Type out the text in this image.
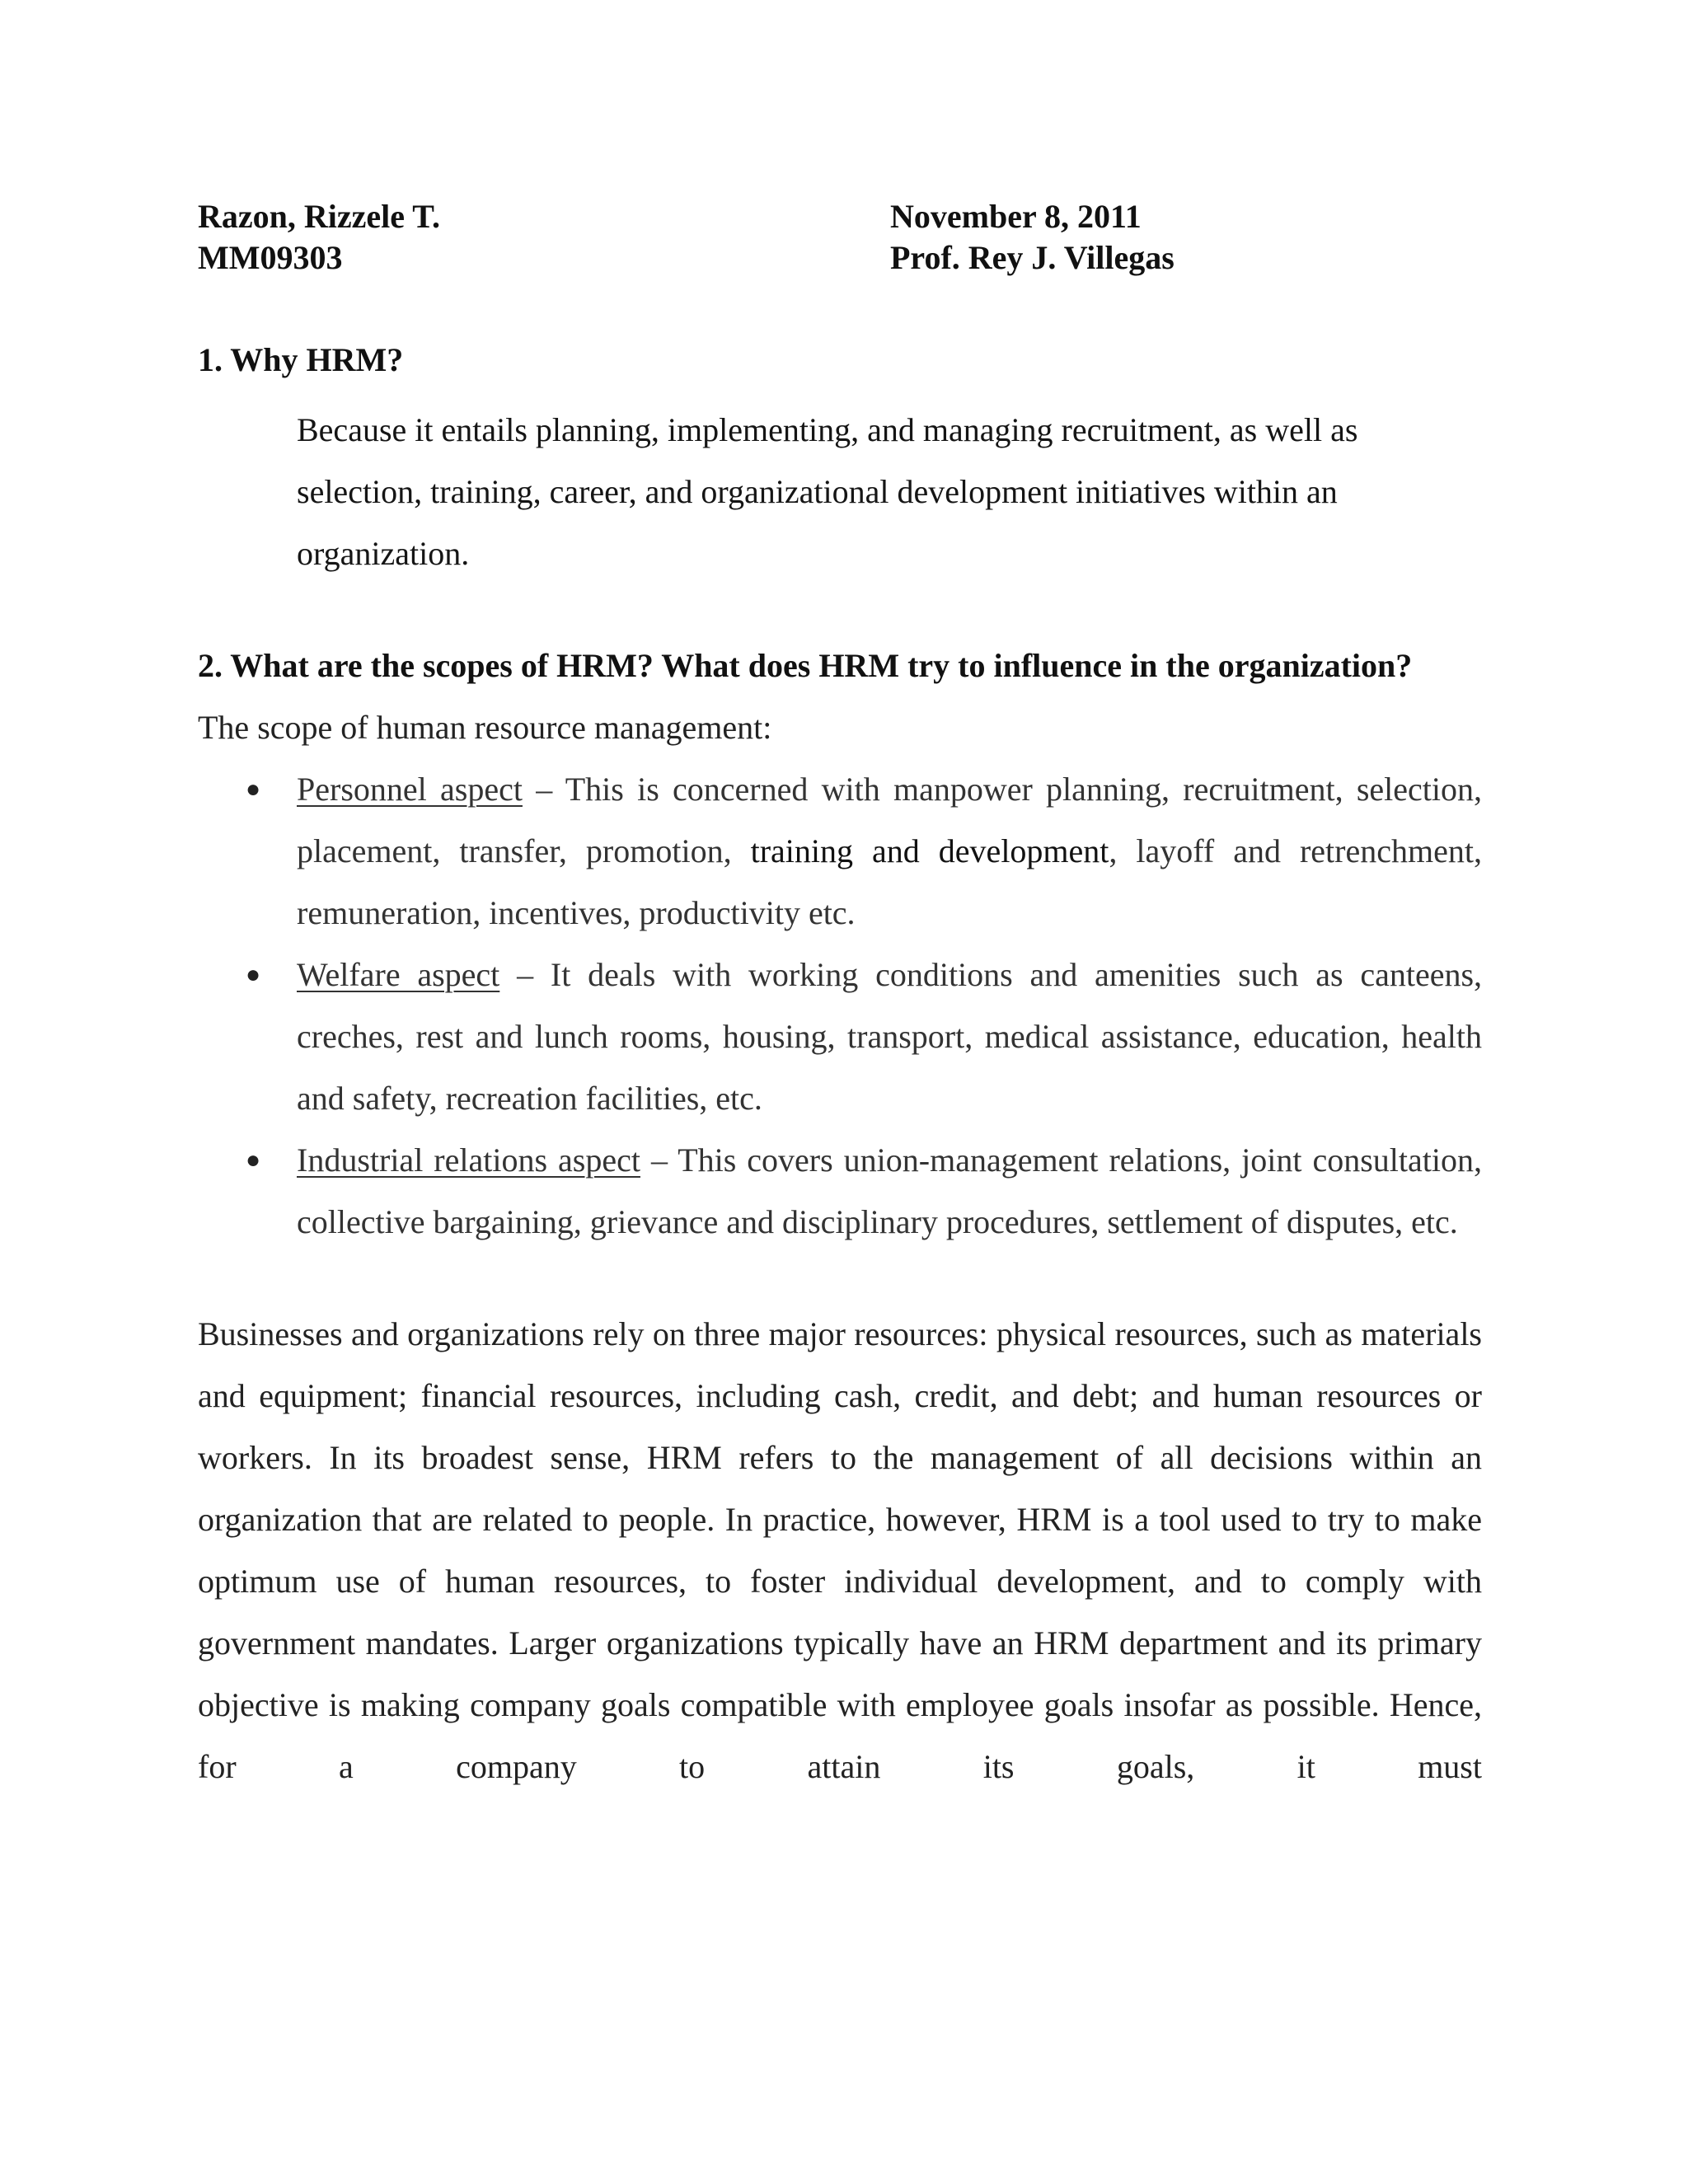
Razon, Rizzele T.
MM09303
November 8, 2011
Prof. Rey J. Villegas

1. Why HRM?

Because it entails planning, implementing, and managing recruitment, as well as selection, training, career, and organizational development initiatives within an organization.

2. What are the scopes of HRM? What does HRM try to influence in the organization?

The scope of human resource management:

● Personnel aspect – This is concerned with manpower planning, recruitment, selection, placement, transfer, promotion, training and development, layoff and retrenchment, remuneration, incentives, productivity etc.
● Welfare aspect – It deals with working conditions and amenities such as canteens, creches, rest and lunch rooms, housing, transport, medical assistance, education, health and safety, recreation facilities, etc.
● Industrial relations aspect – This covers union-management relations, joint consultation, collective bargaining, grievance and disciplinary procedures, settlement of disputes, etc.

Businesses and organizations rely on three major resources: physical resources, such as materials and equipment; financial resources, including cash, credit, and debt; and human resources or workers. In its broadest sense, HRM refers to the management of all decisions within an organization that are related to people. In practice, however, HRM is a tool used to try to make optimum use of human resources, to foster individual development, and to comply with government mandates. Larger organizations typically have an HRM department and its primary objective is making company goals compatible with employee goals insofar as possible. Hence, for a company to attain its goals, it must
